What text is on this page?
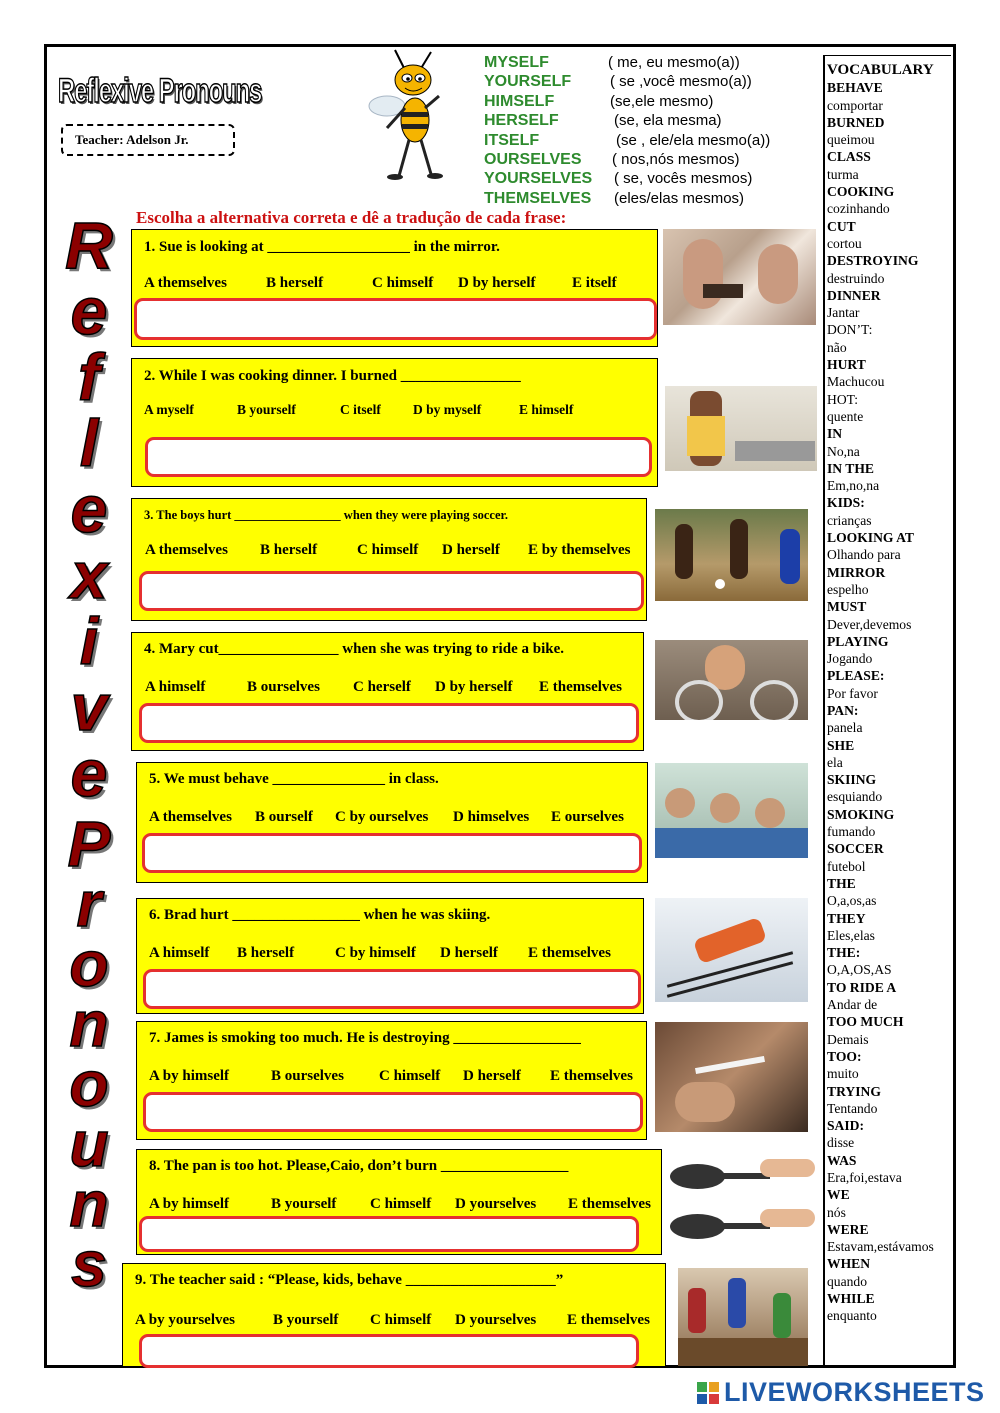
Reflexive Pronouns
Teacher: Adelson Jr.
MYSELF	( me, eu mesmo(a))
YOURSELF	( se ,você mesmo(a))
HIMSELF	(se,ele mesmo)
HERSELF	(se, ela mesma)
ITSELF	(se , ele/ela mesmo(a))
OURSELVES ( nos,nós mesmos)
YOURSELVES ( se, vocês mesmos)
THEMSELVES (eles/elas mesmos)
Escolha a alternativa correta e dê a tradução de cada frase:
R
e
f
l
e
x
i
v
e
P
r
o
n
o
u
n
s
1. Sue is looking at ___________________ in the mirror.
A themselves	B herself	C himself D by herself E itself
2. While I was cooking dinner. I burned ________________
A myself	B yourself	C itself D by myself	E himself
3. The boys hurt _________________ when they were playing soccer.
A themselves B herself	C himself D herself E by themselves
4. Mary cut________________ when she was trying to ride a bike.
A himself	B ourselves C herself D by herself E themselves
5. We must behave _______________ in class.
A themselves B ourself C by ourselves D himselves E ourselves
6. Brad hurt _________________ when he was skiing.
A himself B herself	C by himself D herself E themselves
7. James is smoking too much. He is destroying _________________
A by himself	B ourselves C himself D herself E themselves
8. The pan is too hot. Please,Caio, don’t burn _________________
A by himself	B yourself C himself D yourselves E themselves
9. The teacher said : “Please, kids, behave ____________________”
A by yourselves	B yourself C himself D yourselves E themselves
VOCABULARY
BEHAVE
comportar
BURNED
queimou
CLASS
turma
COOKING
cozinhando
CUT
cortou
DESTROYING
destruindo
DINNER
Jantar
DON’T:
não
HURT
Machucou
HOT:
quente
IN
No,na
IN THE
Em,no,na
KIDS:
crianças
LOOKING AT
Olhando para
MIRROR
espelho
MUST
Dever,devemos
PLAYING
Jogando
PLEASE:
Por favor
PAN:
panela
SHE
ela
SKIING
esquiando
SMOKING
fumando
SOCCER
futebol
THE
O,a,os,as
THEY
Eles,elas
THE:
O,A,OS,AS
TO RIDE A
Andar de
TOO MUCH
Demais
TOO:
muito
TRYING
Tentando
SAID:
disse
WAS
Era,foi,estava
WE
nós
WERE
Estavam,estávamos
WHEN
quando
WHILE
enquanto
LIVEWORKSHEETS
